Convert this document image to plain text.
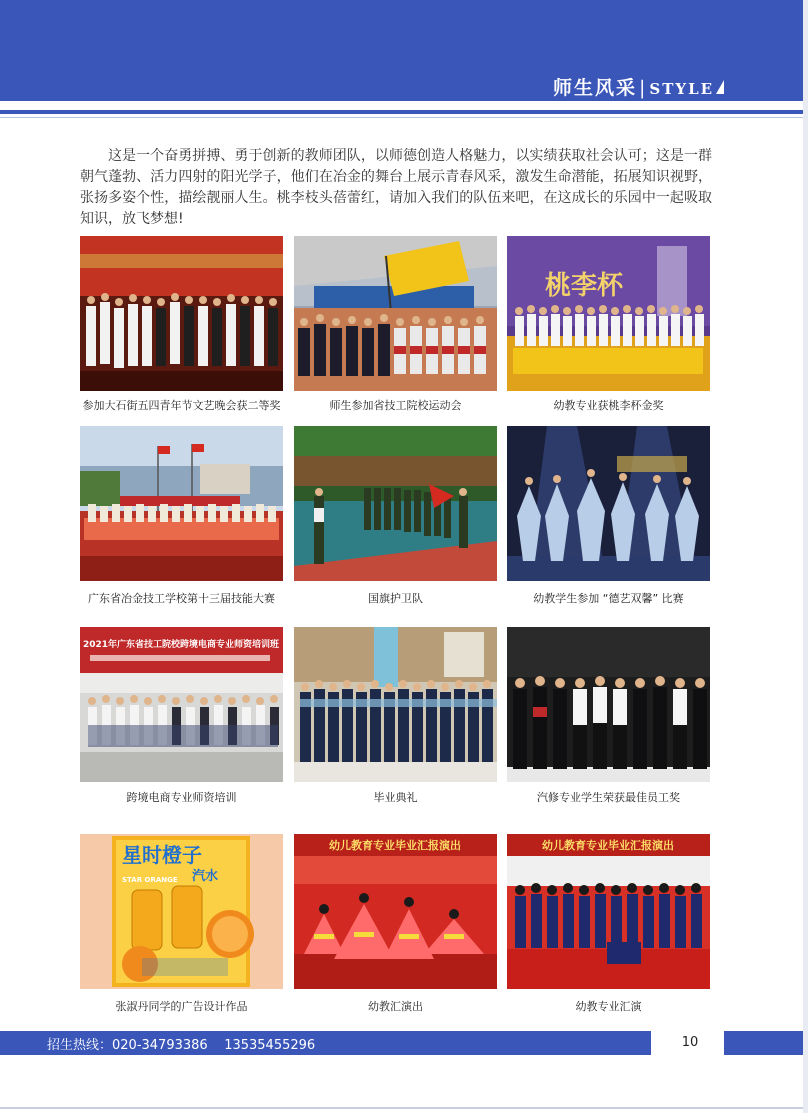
师生风采 | STYLE

这是一个奋勇拼搏、勇于创新的教师团队，以师德创造人格魅力，以实绩获取社会认可；这是一群朝气蓬勃、活力四射的阳光学子，他们在冶金的舞台上展示青春风采，激发生命潜能，拓展知识视野，张扬多姿个性，描绘靓丽人生。桃李枝头蓓蕾红，请加入我们的队伍来吧，在这成长的乐园中一起吸取知识，放飞梦想!

参加大石街五四青年节文艺晚会获二等奖	师生参加省技工院校运动会
桃李杯
幼教专业获桃李杯金奖
广东省冶金技工学校第十三届技能大赛	国旗护卫队	幼教学生参加 “德艺双馨” 比赛
2021年广东省技工院校跨境电商专业师资培训班
跨境电商专业师资培训	毕业典礼	汽修专业学生荣获最佳员工奖
星时橙子
汽水
STAR ORANGE
张淑丹同学的广告设计作品
幼儿教育专业毕业汇报演出
幼教汇演出
幼儿教育专业毕业汇报演出
幼教专业汇演
招生热线：020-34793386    13535455296	10
